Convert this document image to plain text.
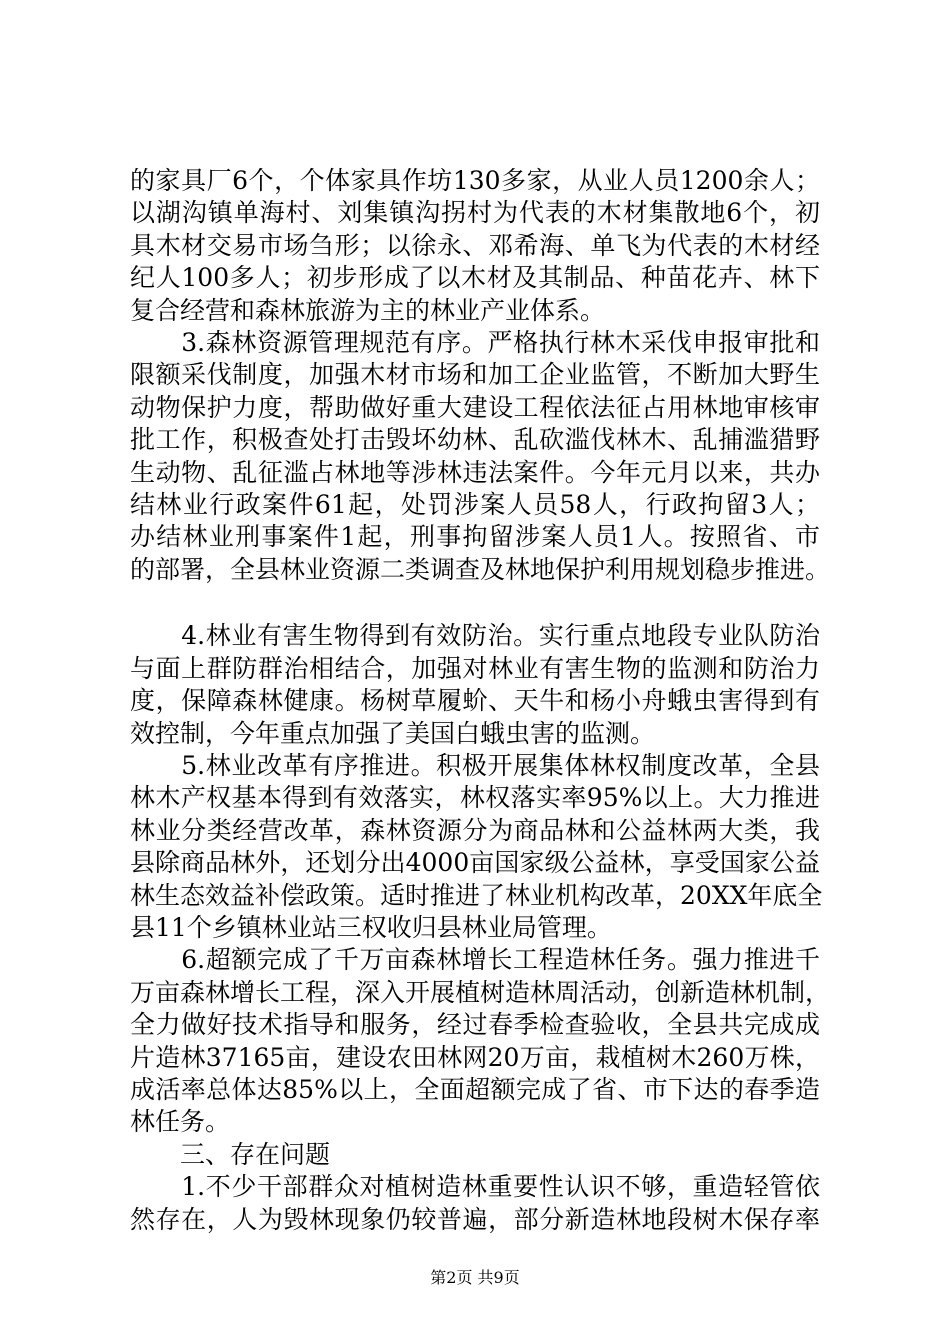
的家具厂6个，个体家具作坊130多家，从业人员1200余人；
以湖沟镇单海村、刘集镇沟拐村为代表的木材集散地6个，初
具木材交易市场刍形；以徐永、邓希海、单飞为代表的木材经
纪人100多人；初步形成了以木材及其制品、种苗花卉、林下
复合经营和森林旅游为主的林业产业体系。
　　3.森林资源管理规范有序。严格执行林木采伐申报审批和
限额采伐制度，加强木材市场和加工企业监管，不断加大野生
动物保护力度，帮助做好重大建设工程依法征占用林地审核审
批工作，积极查处打击毁坏幼林、乱砍滥伐林木、乱捕滥猎野
生动物、乱征滥占林地等涉林违法案件。今年元月以来，共办
结林业行政案件61起，处罚涉案人员58人，行政拘留3人；
办结林业刑事案件1起，刑事拘留涉案人员1人。按照省、市
的部署，全县林业资源二类调查及林地保护利用规划稳步推进。
　　4.林业有害生物得到有效防治。实行重点地段专业队防治
与面上群防群治相结合，加强对林业有害生物的监测和防治力
度，保障森林健康。杨树草履蚧、天牛和杨小舟蛾虫害得到有
效控制，今年重点加强了美国白蛾虫害的监测。
　　5.林业改革有序推进。积极开展集体林权制度改革，全县
林木产权基本得到有效落实，林权落实率95%以上。大力推进
林业分类经营改革，森林资源分为商品林和公益林两大类，我
县除商品林外，还划分出4000亩国家级公益林，享受国家公益
林生态效益补偿政策。适时推进了林业机构改革，20XX年底全
县11个乡镇林业站三权收归县林业局管理。
　　6.超额完成了千万亩森林增长工程造林任务。强力推进千
万亩森林增长工程，深入开展植树造林周活动，创新造林机制，
全力做好技术指导和服务，经过春季检查验收，全县共完成成
片造林37165亩，建设农田林网20万亩，栽植树木260万株，
成活率总体达85%以上，全面超额完成了省、市下达的春季造
林任务。
　　三、存在问题
　　1.不少干部群众对植树造林重要性认识不够，重造轻管依
然存在，人为毁林现象仍较普遍，部分新造林地段树木保存率
第2页 共9页
